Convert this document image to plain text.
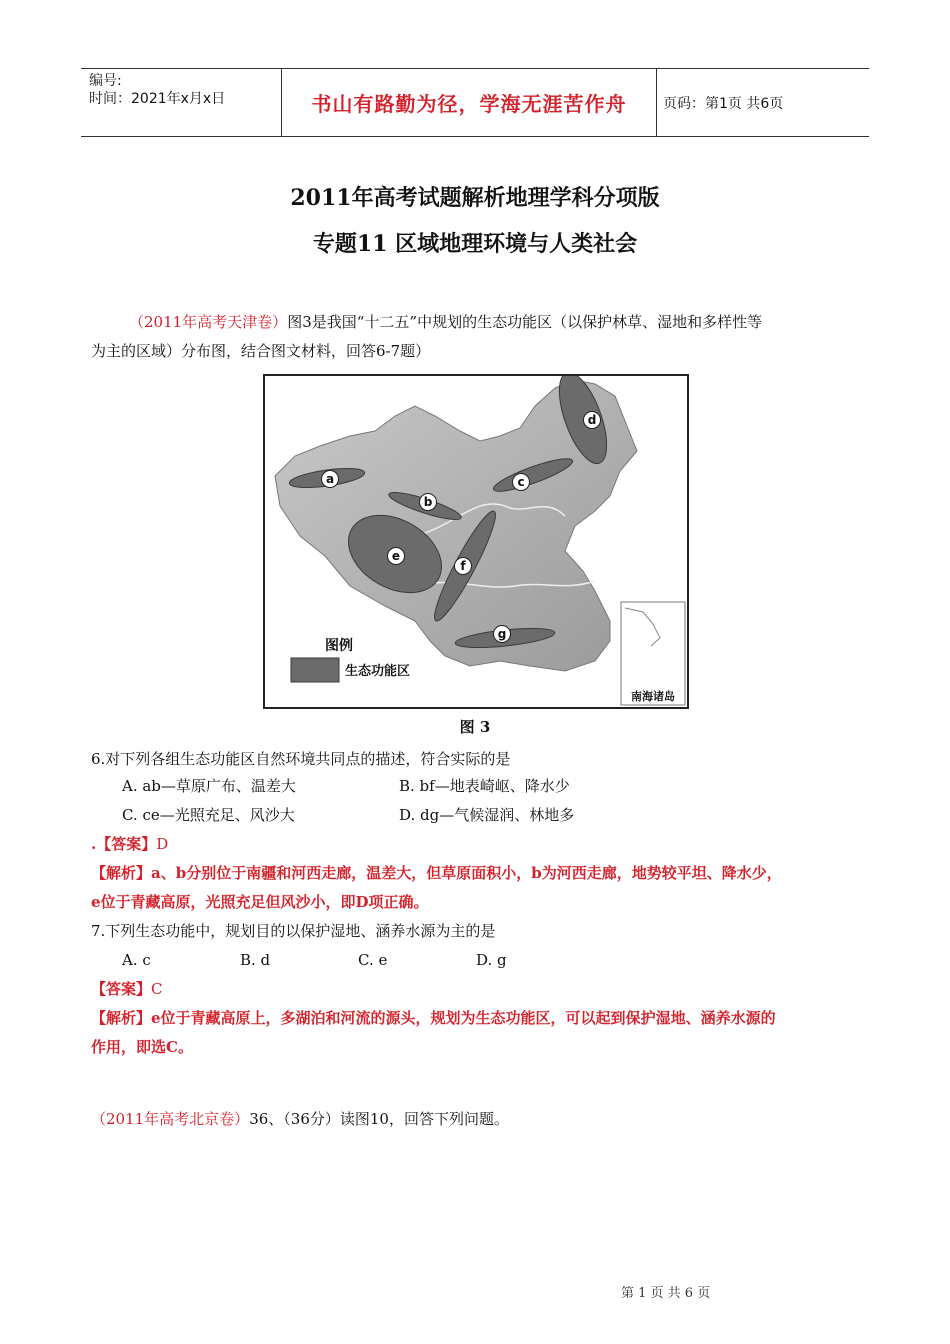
编号:
时间：2021年x月x日	书山有路勤为径，学海无涯苦作舟	页码：第1页 共6页
2011年高考试题解析地理学科分项版
专题11 区域地理环境与人类社会
（2011年高考天津卷）图3是我国“十二五”中规划的生态功能区（以保护林草、湿地和多样性等
为主的区域）分布图，结合图文材料，回答6-7题）
南海诸岛
图例
生态功能区
a
b
c
d
e
f
g
图 3
6.对下列各组生态功能区自然环境共同点的描述，符合实际的是
A. ab—草原广布、温差大	B. bf—地表崎岖、降水少
C. ce—光照充足、风沙大	D. dg—气候湿润、林地多
.【答案】D
【解析】a、b分别位于南疆和河西走廊，温差大，但草原面积小，b为河西走廊，地势较平坦、降水少，
e位于青藏高原，光照充足但风沙小，即D项正确。
7.下列生态功能中，规划目的以保护湿地、涵养水源为主的是
A. c	B. d	C. e	D. g
【答案】C
【解析】e位于青藏高原上，多湖泊和河流的源头，规划为生态功能区，可以起到保护湿地、涵养水源的
作用，即选C。
（2011年高考北京卷）36、（36分）读图10，回答下列问题。
第 1 页 共 6 页
